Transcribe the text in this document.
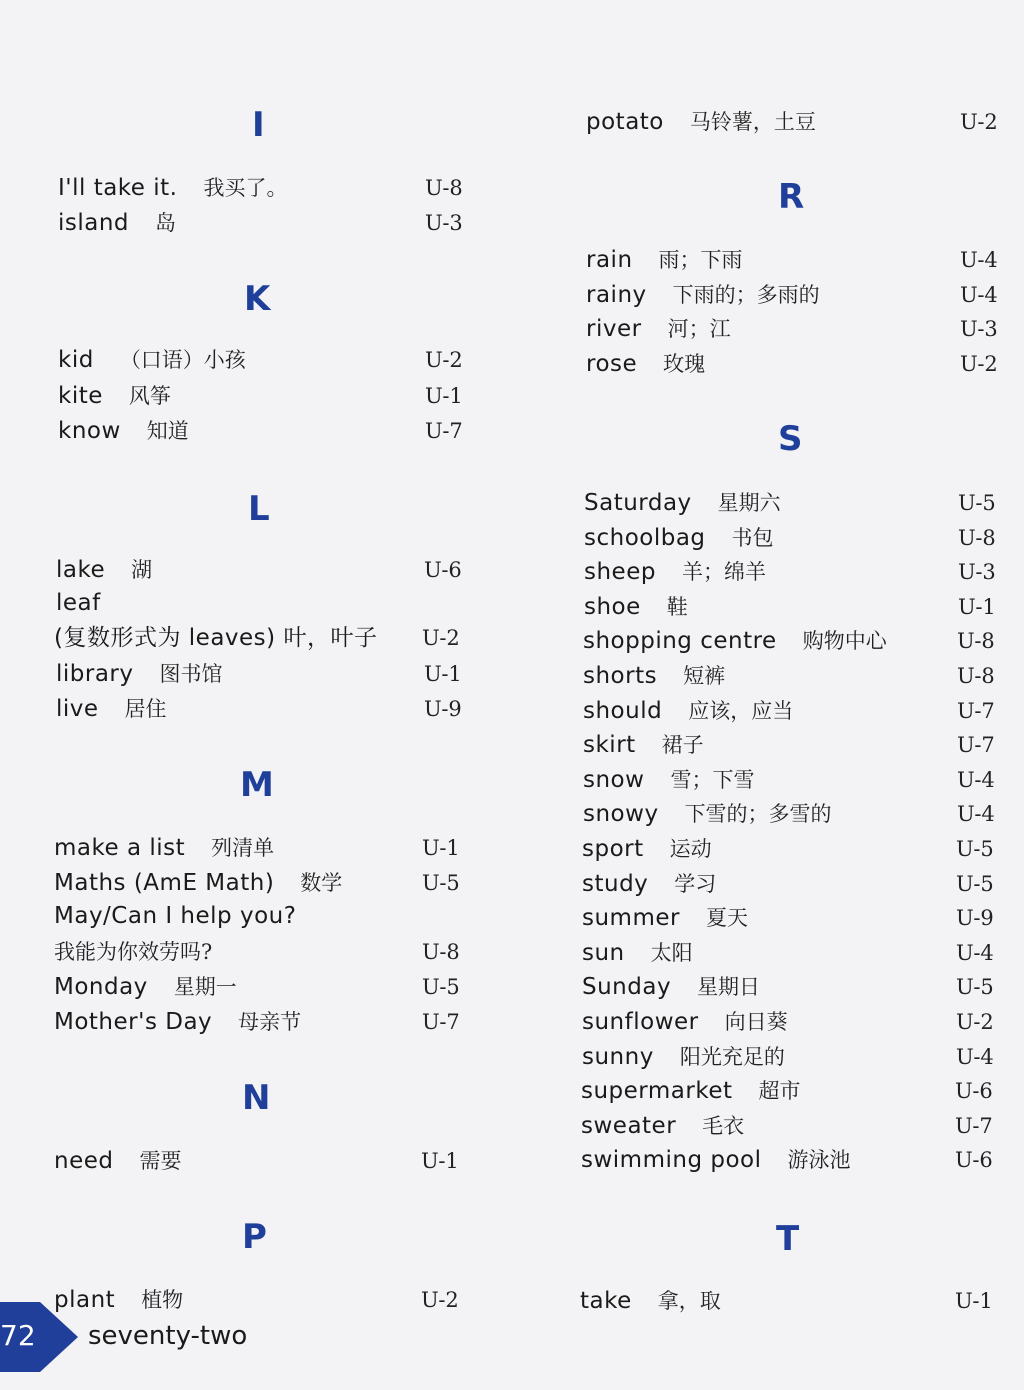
I
I'll take it. 我买了。	U-8
island 岛	U-3
K
kid （口语）小孩	U-2
kite 风筝	U-1
know 知道	U-7
L
lake 湖	U-6
leaf
(复数形式为 leaves) 叶，叶子 U-2
library 图书馆	U-1
live 居住	U-9
M
make a list 列清单	U-1
Maths (AmE Math) 数学	U-5
May/Can I help you?
我能为你效劳吗?	U-8
Monday 星期一	U-5
Mother's Day 母亲节	U-7
N
need 需要	U-1
P
plant 植物	U-2
potato 马铃薯，土豆	U-2
R
rain 雨；下雨	U-4
rainy 下雨的；多雨的	U-4
river 河；江	U-3
rose 玫瑰	U-2
S
Saturday 星期六	U-5
schoolbag 书包	U-8
sheep 羊；绵羊	U-3
shoe 鞋	U-1
shopping centre 购物中心	U-8
shorts 短裤	U-8
should 应该，应当	U-7
skirt 裙子	U-7
snow 雪；下雪	U-4
snowy 下雪的；多雪的	U-4
sport 运动	U-5
study 学习	U-5
summer 夏天	U-9
sun 太阳	U-4
Sunday 星期日	U-5
sunflower 向日葵	U-2
sunny 阳光充足的	U-4
supermarket 超市	U-6
sweater 毛衣	U-7
swimming pool 游泳池	U-6
T
take 拿，取	U-1
72 seventy-two
